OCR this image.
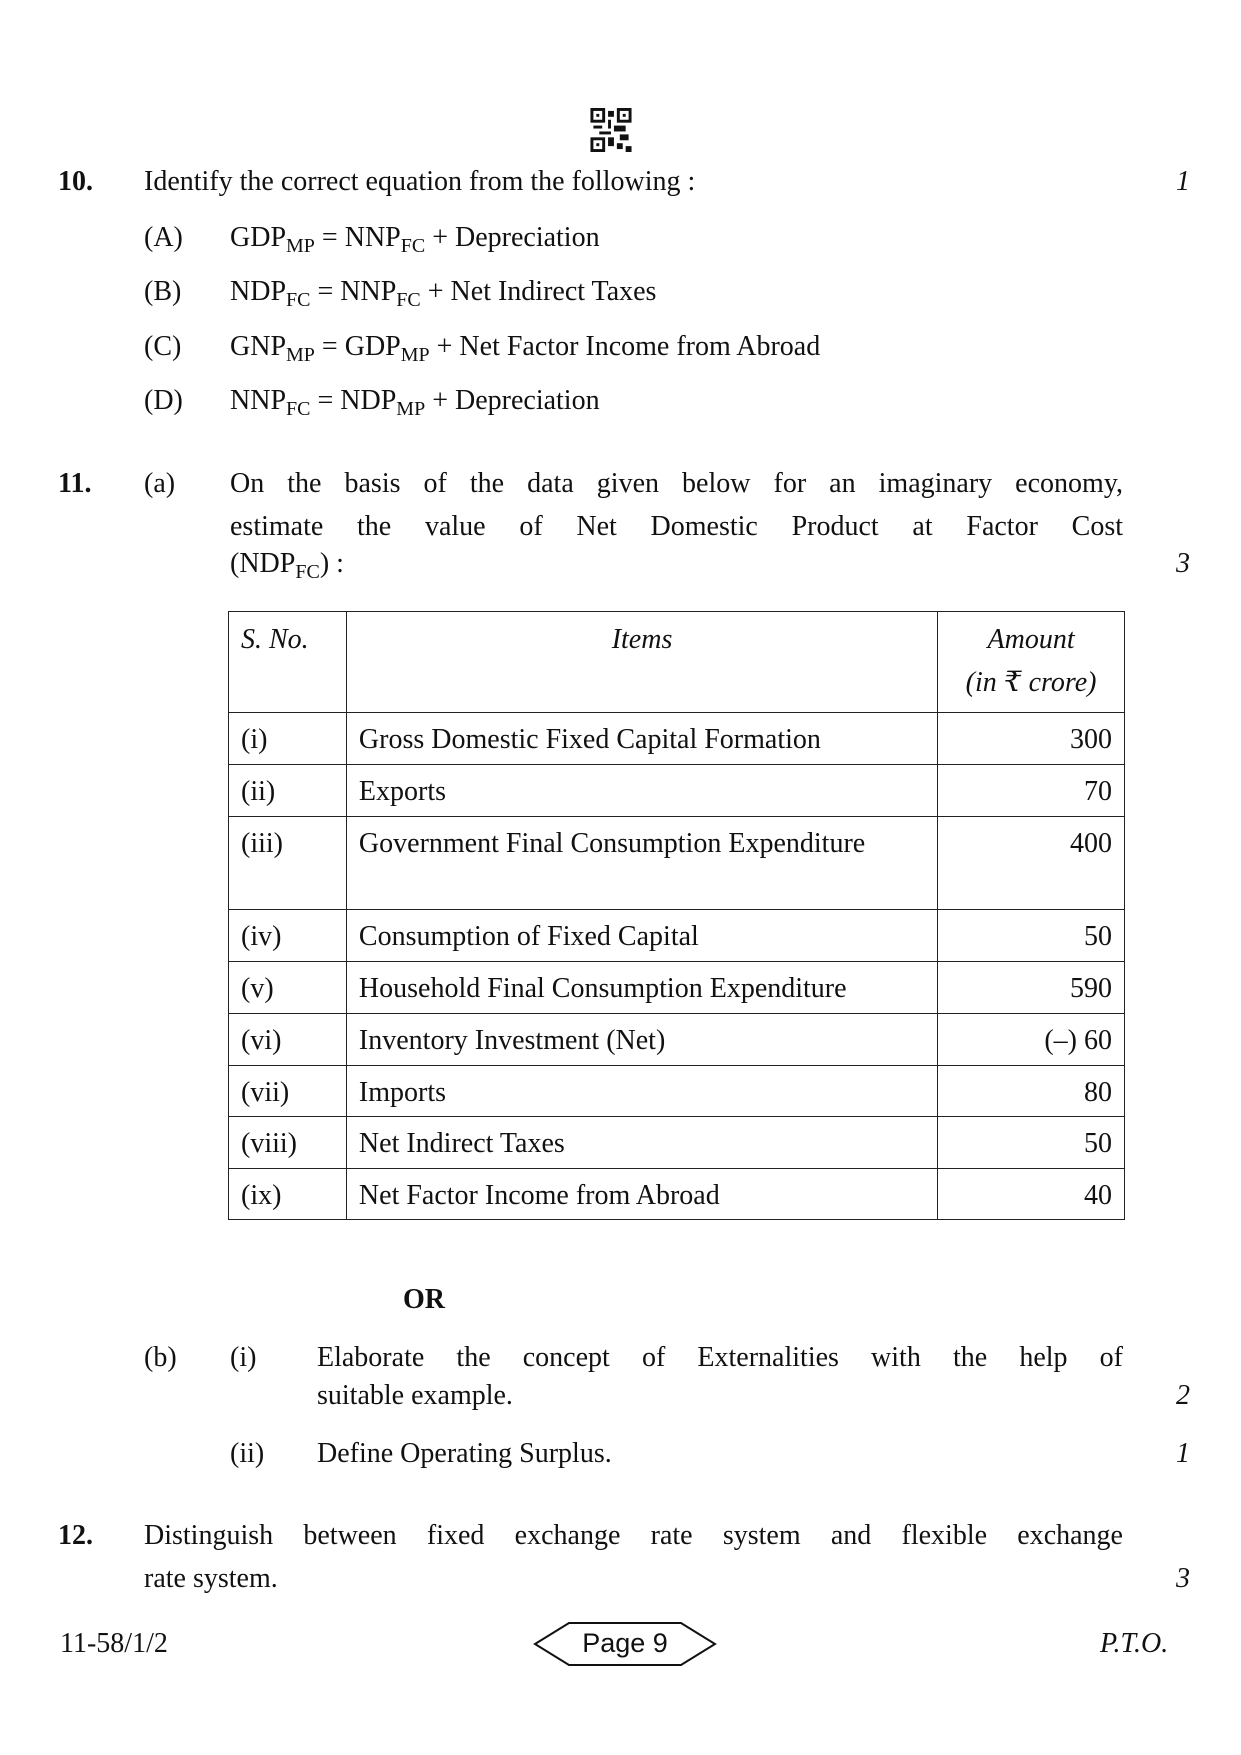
10. Identify the correct equation from the following :	1
(A) $GDP_{MP} = NNP_{FC}$ + Depreciation
(B) $NDP_{FC} = NNP_{FC}$ + Net Indirect Taxes
(C) $GNP_{MP} = GDP_{MP}$ + Net Factor Income from Abroad
(D) $NNP_{FC} = NDP_{MP}$ + Depreciation
11. (a) On the basis of the data given below for an imaginary economy,
estimate the value of Net Domestic Product at Factor Cost
$(NDP_{FC})$ :	3
S. No.	Items	Amount
(in ₹ crore)
(i)	Gross Domestic Fixed Capital Formation	300
(ii)	Exports	70
(iii)	Government Final Consumption Expenditure	400
(iv)	Consumption of Fixed Capital	50
(v)	Household Final Consumption Expenditure	590
(vi)	Inventory Investment (Net)	(–) 60
(vii)	Imports	80
(viii)	Net Indirect Taxes	50
(ix)	Net Factor Income from Abroad	40
OR
(b) (i) Elaborate the concept of Externalities with the help of
suitable example.	2
(ii) Define Operating Surplus.	1
12. Distinguish between fixed exchange rate system and flexible exchange
rate system.	3
11-58/1/2	Page 9	P.T.O.
